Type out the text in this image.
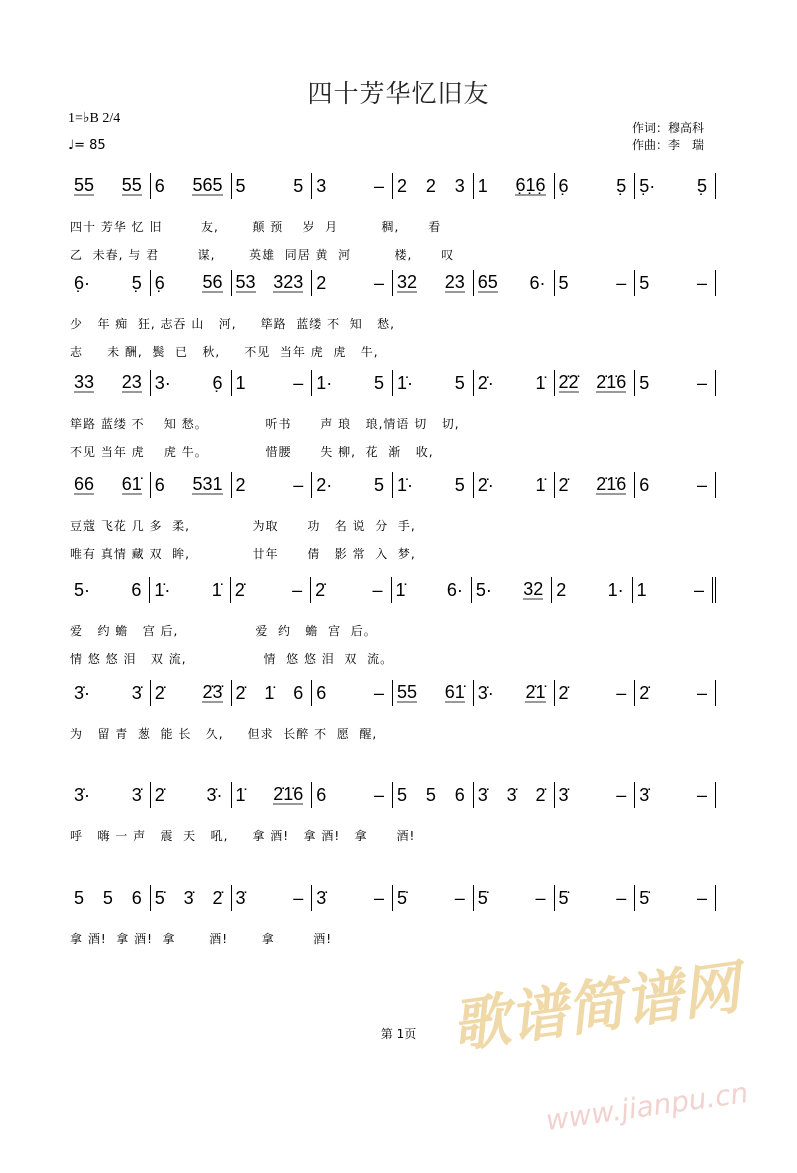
四十芳华忆旧友
1=♭B 2/4
♩= 85
作词：穆高科
作曲：李　瑞
55 55 6 565 5	5 3	– 2 2 3 1 6̣1̣6̣ 6̣	5̣ 5̣· 5̣
四十 芳华 忆 旧        友,       颠 预    岁  月         稠,      看
乙  未春, 与 君        谋,       英雄  同居 黄  河         楼,      叹
6̣· 5̣ 6̣ 56 53 323 2	– 32 23 65 6· 5	– 5	–
少   年 痴  狂, 志吞 山   河,     筚路  蓝缕 不  知   愁,
志     未 酬,  鬓  已   秋,     不见  当年 虎  虎   牛,
33 23 3· 6̣ 1	– 1· 5 1̇· 5 2̇· 1̇ 2̇2̇ 2̇1̇6 5	–
筚路 蓝缕 不    知 愁。            听书      声 琅   琅,情语 切   切,
不见 当年 虎    虎 牛。            惜腰      失 柳,  花  渐   收,
66 61̇ 6 531 2	– 2· 5 1̇· 5 2̇· 1̇ 2̇ 2̇1̇6 6	–
豆蔻 飞花 几 多  柔,             为取      功   名 说  分  手,
唯有 真情 藏 双  眸,             廿年      倩   影 常  入  梦,
5· 6 1̇· 1̇ 2̇	– 2̇	– 1̇ 6· 5· 32 2 1· 1	–
爱   约 蟾   宫 后,                爱  约   蟾  宫  后。
情 悠 悠 泪   双 流,                情  悠 悠 泪  双  流。
3̇· 3̇ 2̇ 2̇3̇ 2̇ 1̇ 6 6	– 55 61̇ 3̇· 2̇1̇ 2̇	– 2̇	–
为   留 青  葱  能 长   久,     但求  长醉 不  愿  醒,
3̇· 3̇ 2̇ 3̇· 1̇ 2̇1̇6 6	– 5 5 6 3̇ 3̇ 2̇ 3̇	– 3̇	–
呼   嗨 一 声   震  天   吼,     拿 酒!   拿 酒!   拿      酒!
5 5 6 5̇ 3̇ 2̇ 3̇	– 3̇	– 5̇	– 5̇	– 5̇	– 5̇	–
拿 酒!  拿 酒!  拿       酒!       拿        酒!
歌谱简谱网
www.jianpu.cn
第 1页
